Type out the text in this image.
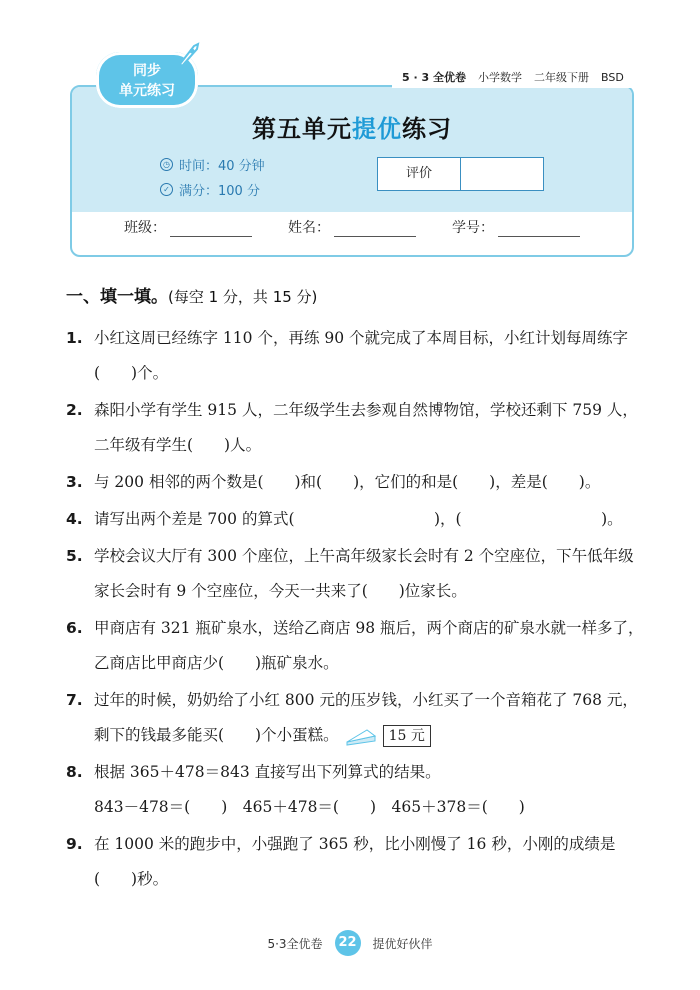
第五单元提优练习
◷ 时间：40 分钟
✓ 满分：100 分
评价
班级：	姓名：	学号：
5 · 3 全优卷 小学数学 二年级下册 BSD
同步
单元练习
一、填一填。(每空 1 分，共 15 分)
1. 小红这周已经练字 110 个，再练 90 个就完成了本周目标，小红计划每周练字(　　)个。
2. 森阳小学有学生 915 人，二年级学生去参观自然博物馆，学校还剩下 759 人，二年级有学生(　　)人。
3. 与 200 相邻的两个数是(　　)和(　　)，它们的和是(　　)，差是(　　)。
4. 请写出两个差是 700 的算式(　　　　　　　　　)，(　　　　　　　　　)。
5. 学校会议大厅有 300 个座位，上午高年级家长会时有 2 个空座位，下午低年级家长会时有 9 个空座位，今天一共来了(　　)位家长。
6. 甲商店有 321 瓶矿泉水，送给乙商店 98 瓶后，两个商店的矿泉水就一样多了，乙商店比甲商店少(　　)瓶矿泉水。
7. 过年的时候，奶奶给了小红 800 元的压岁钱，小红买了一个音箱花了 768 元，剩下的钱最多能买(　　)个小蛋糕。	15 元
8. 根据 365＋478＝843 直接写出下列算式的结果。
843－478＝(　　)　465＋478＝(　　)　465＋378＝(　　)
9. 在 1000 米的跑步中，小强跑了 365 秒，比小刚慢了 16 秒，小刚的成绩是(　　)秒。
5·3全优卷	22	提优好伙伴
